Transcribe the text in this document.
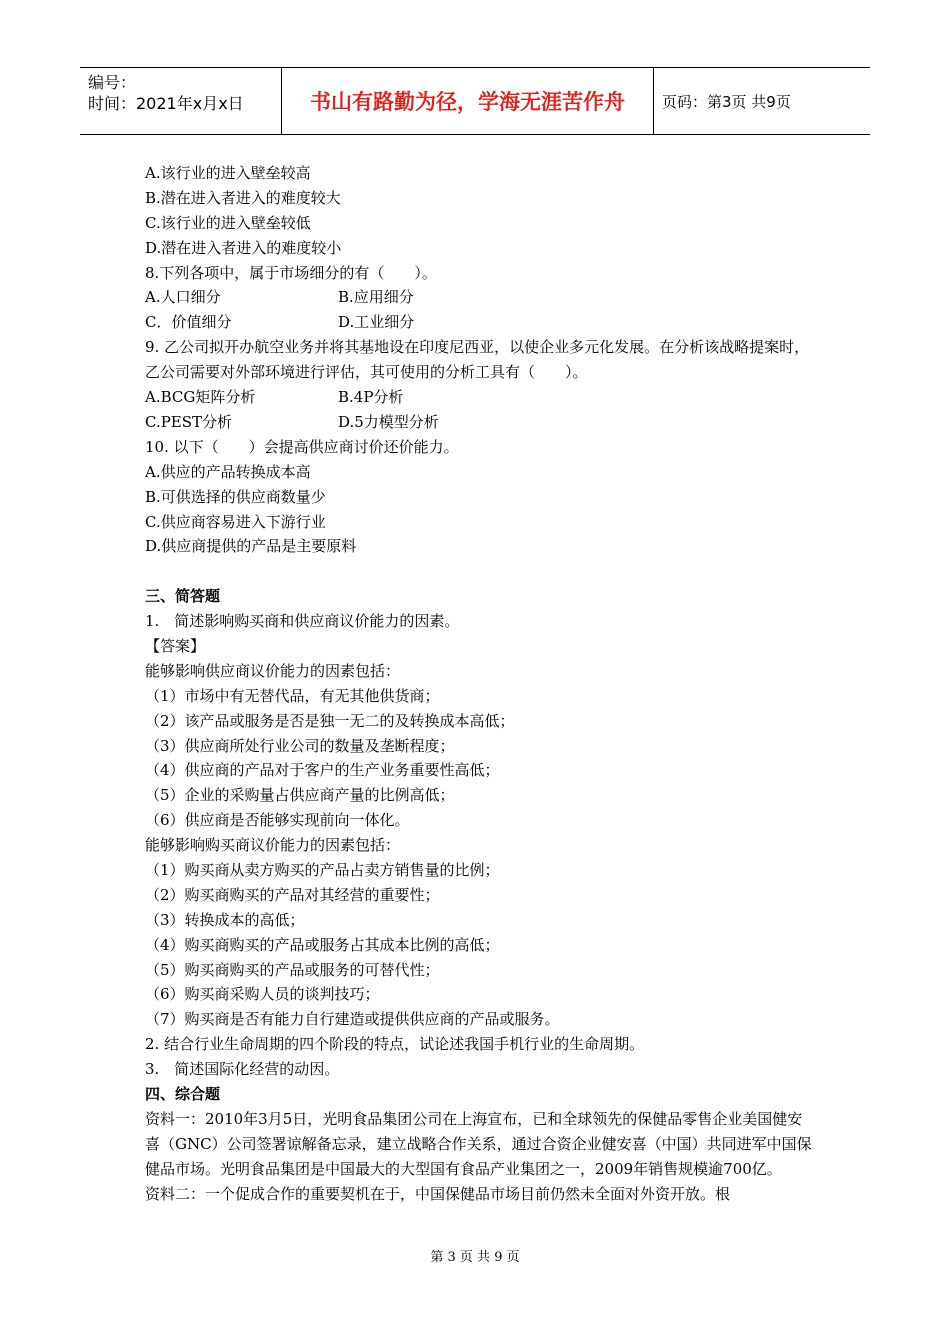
编号：
时间：2021年x月x日	书山有路勤为径，学海无涯苦作舟	页码：第3页 共9页
A.该行业的进入壁垒较高
B.潜在进入者进入的难度较大
C.该行业的进入壁垒较低
D.潜在进入者进入的难度较小
8.下列各项中，属于市场细分的有（　　）。
A.人口细分	B.应用细分
C．价值细分	D.工业细分
9. 乙公司拟开办航空业务并将其基地设在印度尼西亚，以使企业多元化发展。在分析该战略提案时，乙公司需要对外部环境进行评估，其可使用的分析工具有（　　）。
A.BCG矩阵分析	B.4P分析
C.PEST分析	D.5力模型分析
10. 以下（　　）会提高供应商讨价还价能力。
A.供应的产品转换成本高
B.可供选择的供应商数量少
C.供应商容易进入下游行业
D.供应商提供的产品是主要原料
三、简答题
1.　简述影响购买商和供应商议价能力的因素。
【答案】
能够影响供应商议价能力的因素包括：
（1）市场中有无替代品，有无其他供货商；
（2）该产品或服务是否是独一无二的及转换成本高低；
（3）供应商所处行业公司的数量及垄断程度；
（4）供应商的产品对于客户的生产业务重要性高低；
（5）企业的采购量占供应商产量的比例高低；
（6）供应商是否能够实现前向一体化。
能够影响购买商议价能力的因素包括：
（1）购买商从卖方购买的产品占卖方销售量的比例；
（2）购买商购买的产品对其经营的重要性；
（3）转换成本的高低；
（4）购买商购买的产品或服务占其成本比例的高低；
（5）购买商购买的产品或服务的可替代性；
（6）购买商采购人员的谈判技巧；
（7）购买商是否有能力自行建造或提供供应商的产品或服务。
2. 结合行业生命周期的四个阶段的特点，试论述我国手机行业的生命周期。
3.　简述国际化经营的动因。
四、综合题
资料一：2010年3月5日，光明食品集团公司在上海宣布，已和全球领先的保健品零售企业美国健安喜（GNC）公司签署谅解备忘录，建立战略合作关系，通过合资企业健安喜（中国）共同进军中国保健品市场。光明食品集团是中国最大的大型国有食品产业集团之一，2009年销售规模逾700亿。
资料二：一个促成合作的重要契机在于，中国保健品市场目前仍然未全面对外资开放。根
第 3 页 共 9 页
